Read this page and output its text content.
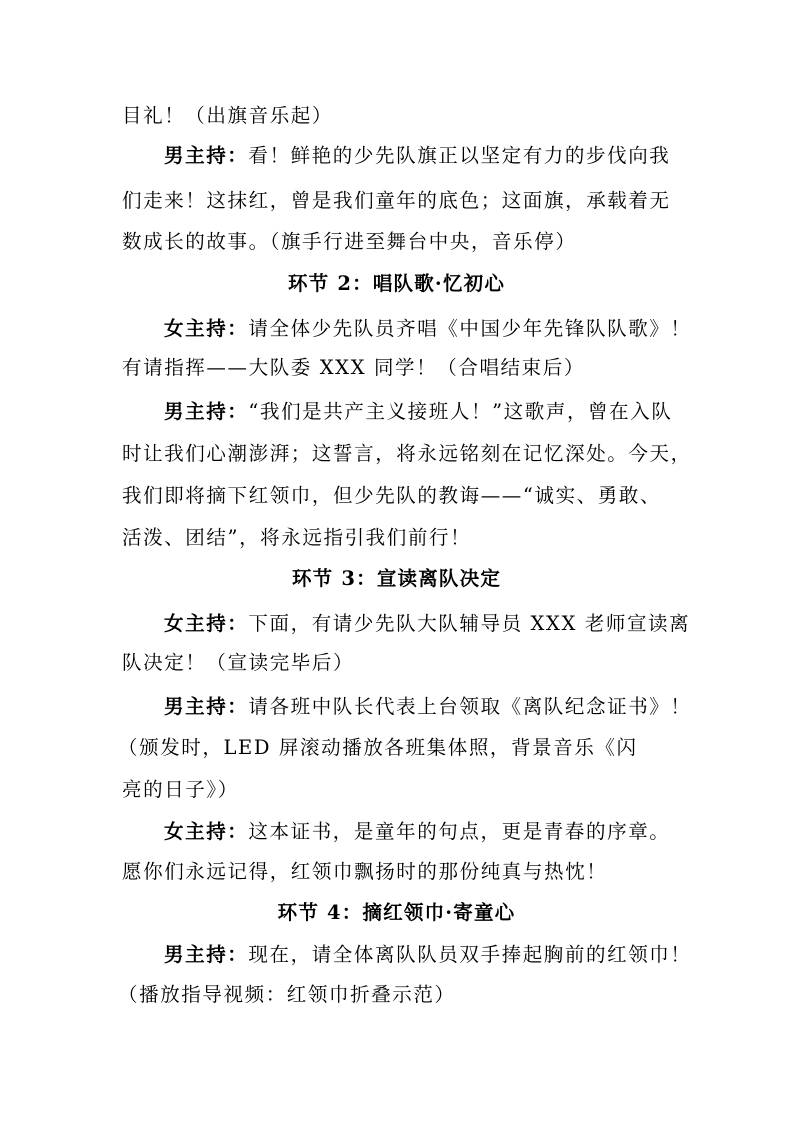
目礼！（出旗音乐起）
男主持：看！鲜艳的少先队旗正以坚定有力的步伐向我
们走来！这抹红，曾是我们童年的底色；这面旗，承载着无
数成长的故事。（旗手行进至舞台中央，音乐停）
环节 2：唱队歌·忆初心
女主持：请全体少先队员齐唱《中国少年先锋队队歌》！
有请指挥——大队委 XXX 同学！（合唱结束后）
男主持：“我们是共产主义接班人！”这歌声，曾在入队
时让我们心潮澎湃；这誓言，将永远铭刻在记忆深处。今天，
我们即将摘下红领巾，但少先队的教诲——“诚实、勇敢、
活泼、团结”，将永远指引我们前行！
环节 3：宣读离队决定
女主持：下面，有请少先队大队辅导员 XXX 老师宣读离
队决定！（宣读完毕后）
男主持：请各班中队长代表上台领取《离队纪念证书》！
（颁发时，LED 屏滚动播放各班集体照，背景音乐《闪
亮的日子》）
女主持：这本证书，是童年的句点，更是青春的序章。
愿你们永远记得，红领巾飘扬时的那份纯真与热忱！
环节 4：摘红领巾·寄童心
男主持：现在，请全体离队队员双手捧起胸前的红领巾！
（播放指导视频：红领巾折叠示范）
